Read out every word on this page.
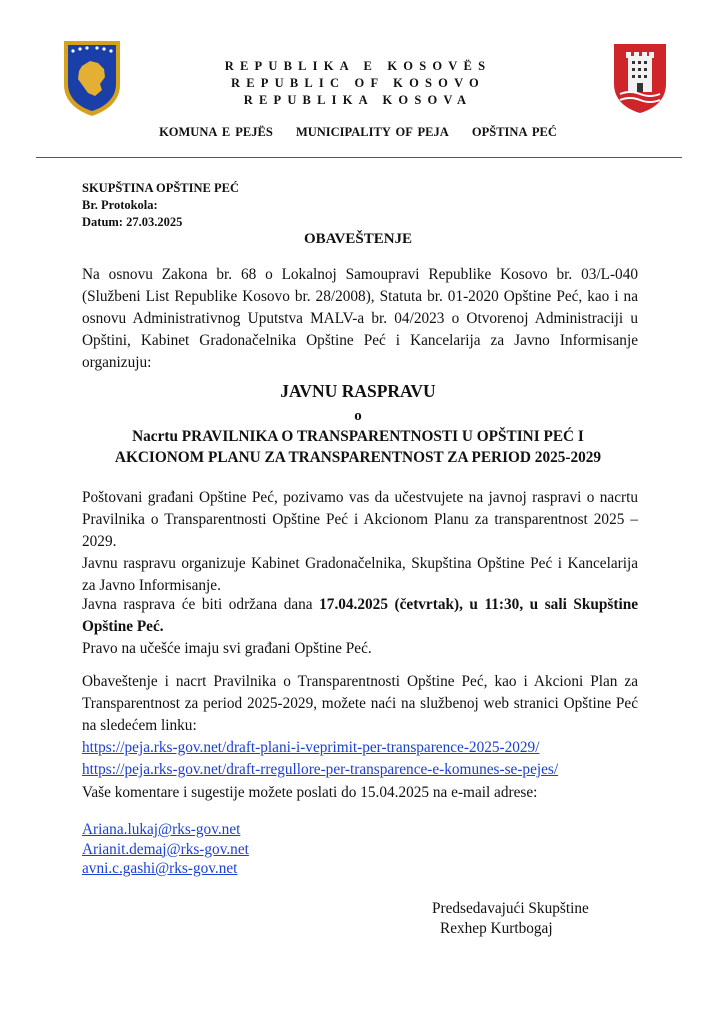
REPUBLIKA E KOSOVËS
REPUBLIC OF KOSOVO
REPUBLIKA KOSOVA
KOMUNA E PEJËS MUNICIPALITY OF PEJA OPŠTINA PEĆ
SKUPŠTINA OPŠTINE PEĆ
Br. Protokola:
Datum: 27.03.2025
OBAVEŠTENJE
Na osnovu Zakona br. 68 o Lokalnoj Samoupravi Republike Kosovo br. 03/L-040 (Službeni List Republike Kosovo br. 28/2008), Statuta br. 01-2020 Opštine Peć, kao i na osnovu Administrativnog Uputstva MALV-a br. 04/2023 o Otvorenoj Administraciji u Opštini, Kabinet Gradonačelnika Opštine Peć i Kancelarija za Javno Informisanje organizuju:
JAVNU RASPRAVU
o
Nacrtu PRAVILNIKA O TRANSPARENTNOSTI U OPŠTINI PEĆ I
AKCIONOM PLANU ZA TRANSPARENTNOST ZA PERIOD 2025-2029
Poštovani građani Opštine Peć, pozivamo vas da učestvujete na javnoj raspravi o nacrtu Pravilnika o Transparentnosti Opštine Peć i Akcionom Planu za transparentnost 2025 – 2029.
Javnu raspravu organizuje Kabinet Gradonačelnika, Skupština Opštine Peć i Kancelarija za Javno Informisanje.
Javna rasprava će biti održana dana 17.04.2025 (četvrtak), u 11:30, u sali Skupštine Opštine Peć.
Pravo na učešće imaju svi građani Opštine Peć.
Obaveštenje i nacrt Pravilnika o Transparentnosti Opštine Peć, kao i Akcioni Plan za Transparentnost za period 2025-2029, možete naći na službenoj web stranici Opštine Peć na sledećem linku:
https://peja.rks-gov.net/draft-plani-i-veprimit-per-transparence-2025-2029/
https://peja.rks-gov.net/draft-rregullore-per-transparence-e-komunes-se-pejes/
Vaše komentare i sugestije možete poslati do 15.04.2025 na e-mail adrese:
Ariana.lukaj@rks-gov.net
Arianit.demaj@rks-gov.net
avni.c.gashi@rks-gov.net
Predsedavajući Skupštine
Rexhep Kurtbogaj
